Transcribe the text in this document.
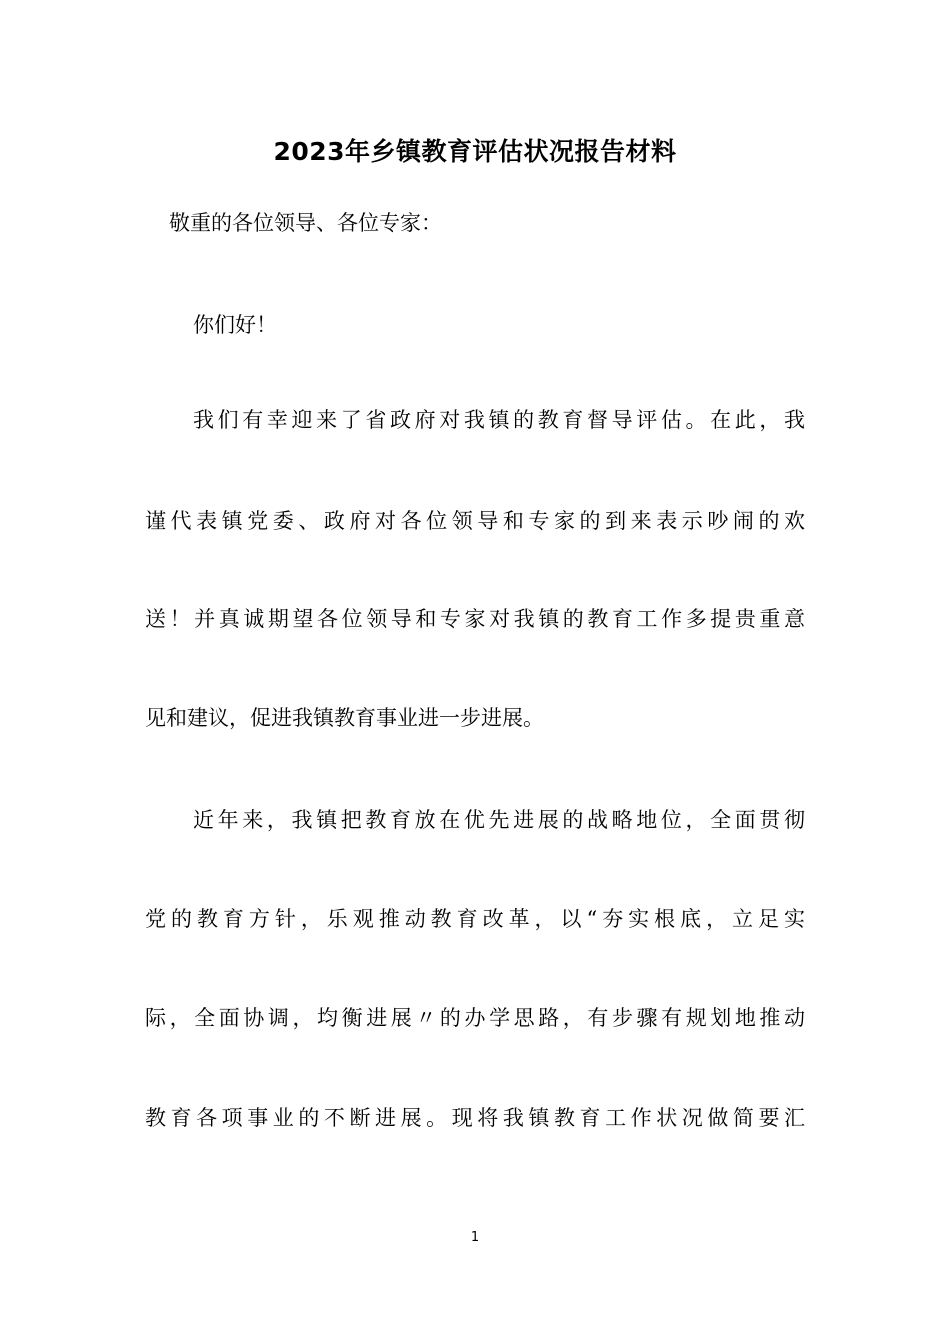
2023年乡镇教育评估状况报告材料
敬重的各位领导、各位专家：
你们好！
我们有幸迎来了省政府对我镇的教育督导评估。在此，我
谨代表镇党委、政府对各位领导和专家的到来表示吵闹的欢
送！并真诚期望各位领导和专家对我镇的教育工作多提贵重意
见和建议，促进我镇教育事业进一步进展。
近年来，我镇把教育放在优先进展的战略地位，全面贯彻
党的教育方针，乐观推动教育改革，以“夯实根底，立足实
际，全面协调，均衡进展〃的办学思路，有步骤有规划地推动
教育各项事业的不断进展。现将我镇教育工作状况做简要汇
1
